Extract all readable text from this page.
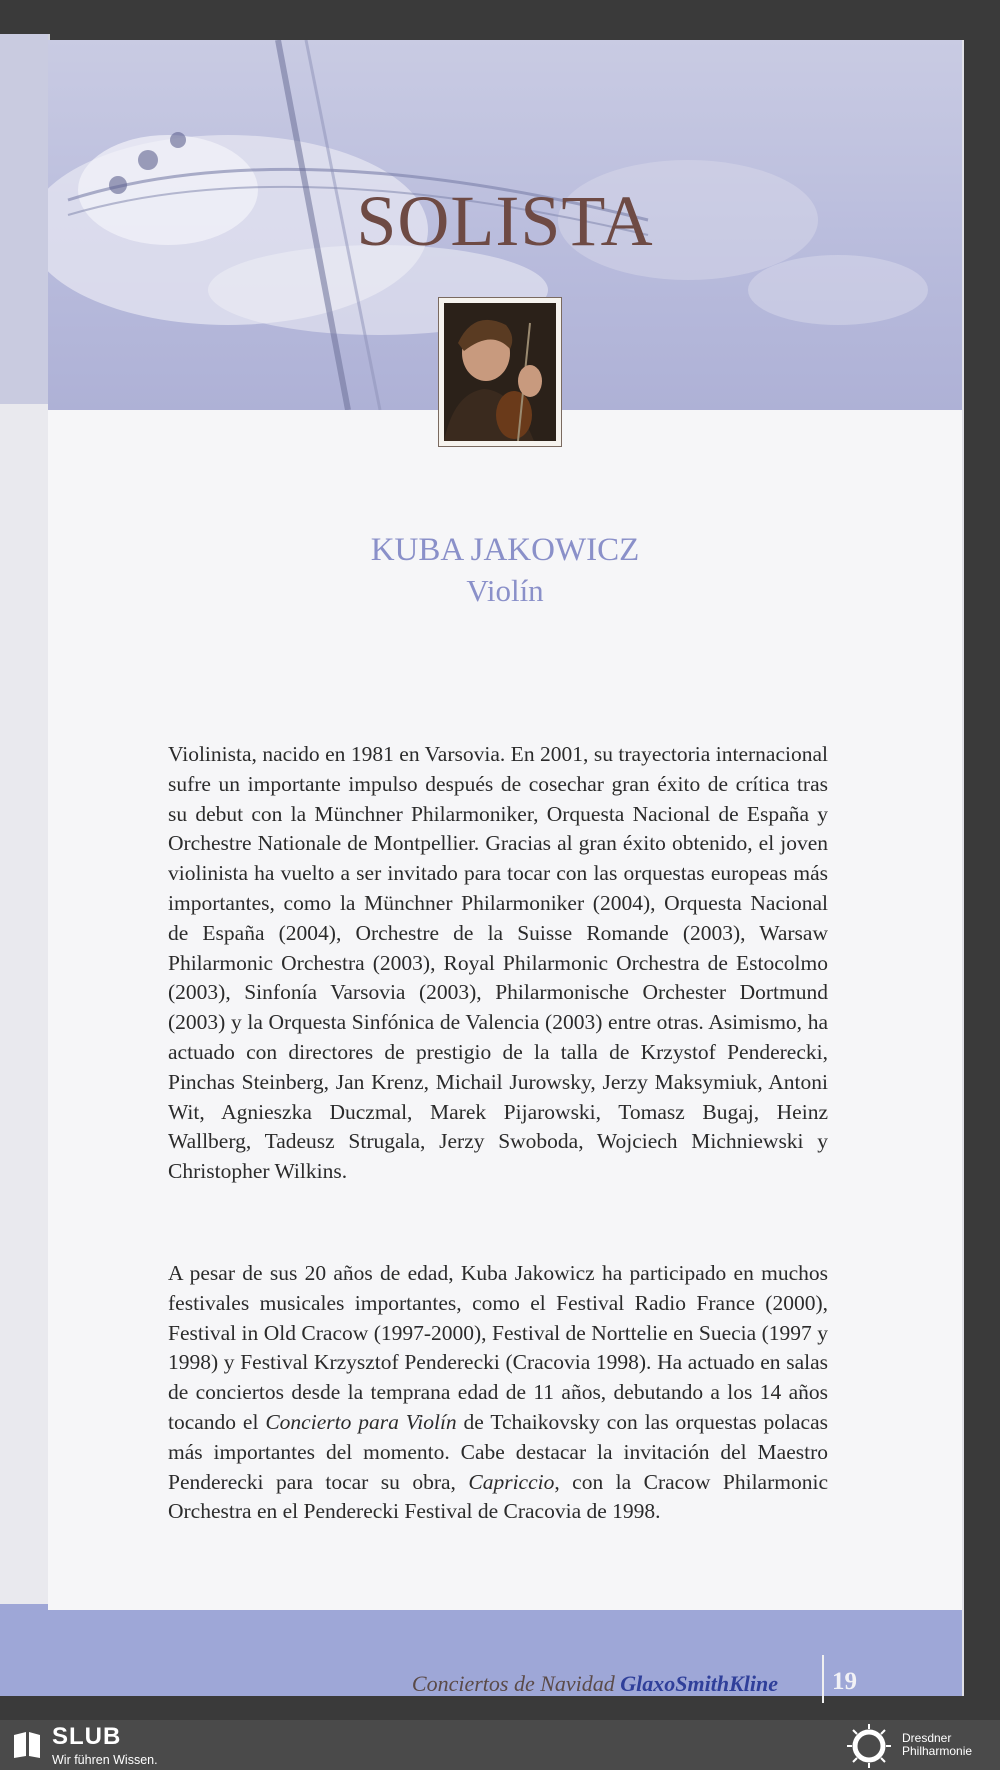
SOLISTA
KUBA JAKOWICZ
Violín

Violinista, nacido en 1981 en Varsovia. En 2001, su trayectoria internacional sufre un importante impulso después de cosechar gran éxito de crítica tras su debut con la Münchner Philarmoniker, Orquesta Nacional de España y Orchestre Nationale de Montpellier. Gracias al gran éxito obtenido, el joven violinista ha vuelto a ser invitado para tocar con las orquestas europeas más importantes, como la Münchner Philarmoniker (2004), Orquesta Nacional de España (2004), Orchestre de la Suisse Romande (2003), Warsaw Philarmonic Orchestra (2003), Royal Philarmonic Orchestra de Estocolmo (2003), Sinfonía Varsovia (2003), Philarmonische Orchester Dortmund (2003) y la Orquesta Sinfónica de Valencia (2003) entre otras. Asimismo, ha actuado con directores de prestigio de la talla de Krzystof Penderecki, Pinchas Steinberg, Jan Krenz, Michail Jurowsky, Jerzy Maksymiuk, Antoni Wit, Agnieszka Duczmal, Marek Pijarowski, Tomasz Bugaj, Heinz Wallberg, Tadeusz Strugala, Jerzy Swoboda, Wojciech Michniewski y Christopher Wilkins.

A pesar de sus 20 años de edad, Kuba Jakowicz ha participado en muchos festivales musicales importantes, como el Festival Radio France (2000), Festival in Old Cracow (1997-2000), Festival de Norttelie en Suecia (1997 y 1998) y Festival Krzysztof Penderecki (Cracovia 1998). Ha actuado en salas de conciertos desde la temprana edad de 11 años, debutando a los 14 años tocando el Concierto para Violín de Tchaikovsky con las orquestas polacas más importantes del momento. Cabe destacar la invitación del Maestro Penderecki para tocar su obra, Capriccio, con la Cracow Philarmonic Orchestra en el Penderecki Festival de Cracovia de 1998.

Conciertos de Navidad GlaxoSmithKline 19
SLUB
Wir führen Wissen.
Dresdner
Philharmonie
